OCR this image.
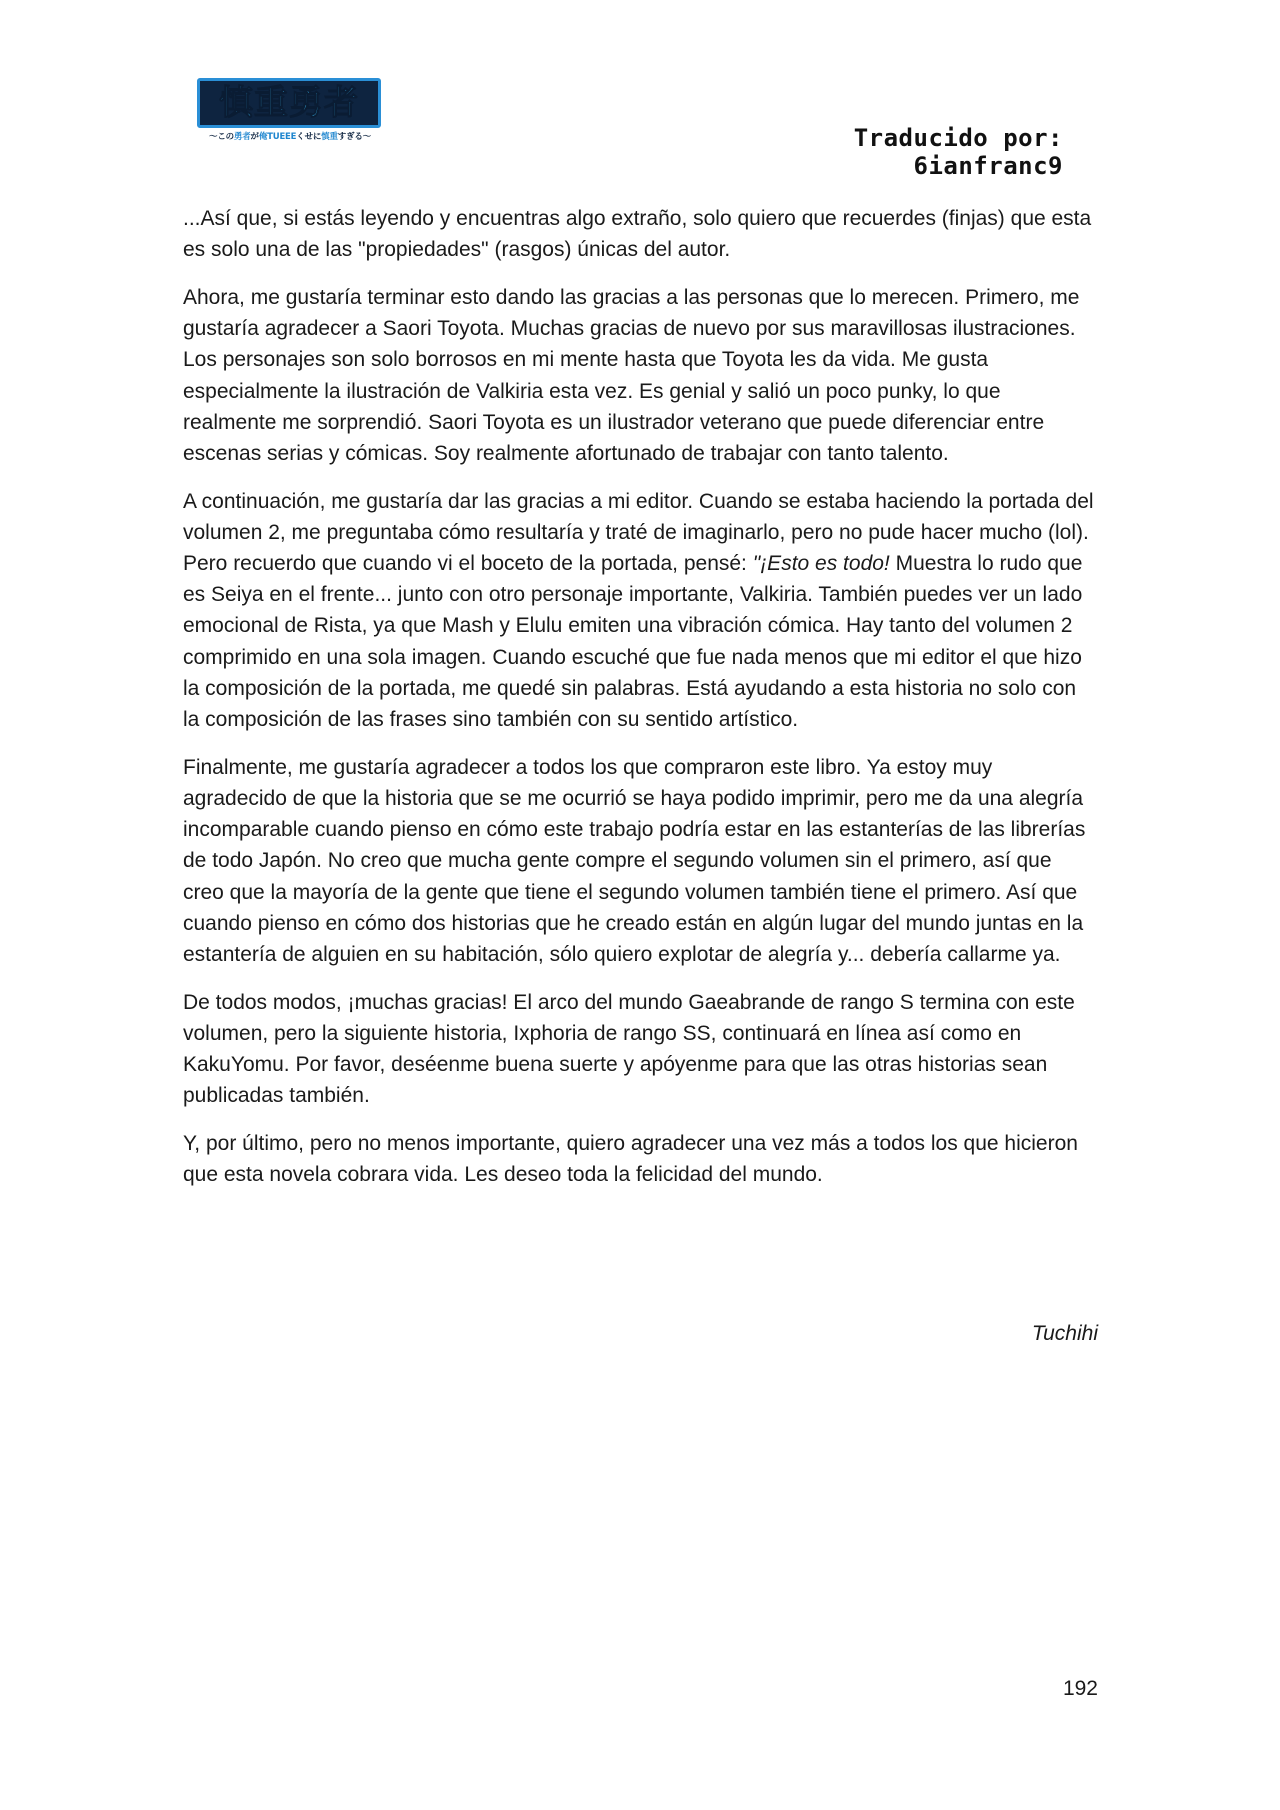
慎重勇者
〜この勇者が俺TUEEEくせに慎重すぎる〜	Traducido por: 6ianfranc9

...Así que, si estás leyendo y encuentras algo extraño, solo quiero que recuerdes (finjas) que esta es solo una de las "propiedades" (rasgos) únicas del autor.

Ahora, me gustaría terminar esto dando las gracias a las personas que lo merecen. Primero, me gustaría agradecer a Saori Toyota. Muchas gracias de nuevo por sus maravillosas ilustraciones. Los personajes son solo borrosos en mi mente hasta que Toyota les da vida. Me gusta especialmente la ilustración de Valkiria esta vez. Es genial y salió un poco punky, lo que realmente me sorprendió. Saori Toyota es un ilustrador veterano que puede diferenciar entre escenas serias y cómicas. Soy realmente afortunado de trabajar con tanto talento.

A continuación, me gustaría dar las gracias a mi editor. Cuando se estaba haciendo la portada del volumen 2, me preguntaba cómo resultaría y traté de imaginarlo, pero no pude hacer mucho (lol). Pero recuerdo que cuando vi el boceto de la portada, pensé: "¡Esto es todo! Muestra lo rudo que es Seiya en el frente... junto con otro personaje importante, Valkiria. También puedes ver un lado emocional de Rista, ya que Mash y Elulu emiten una vibración cómica. Hay tanto del volumen 2 comprimido en una sola imagen. Cuando escuché que fue nada menos que mi editor el que hizo la composición de la portada, me quedé sin palabras. Está ayudando a esta historia no solo con la composición de las frases sino también con su sentido artístico.

Finalmente, me gustaría agradecer a todos los que compraron este libro. Ya estoy muy agradecido de que la historia que se me ocurrió se haya podido imprimir, pero me da una alegría incomparable cuando pienso en cómo este trabajo podría estar en las estanterías de las librerías de todo Japón. No creo que mucha gente compre el segundo volumen sin el primero, así que creo que la mayoría de la gente que tiene el segundo volumen también tiene el primero. Así que cuando pienso en cómo dos historias que he creado están en algún lugar del mundo juntas en la estantería de alguien en su habitación, sólo quiero explotar de alegría y... debería callarme ya.

De todos modos, ¡muchas gracias! El arco del mundo Gaeabrande de rango S termina con este volumen, pero la siguiente historia, Ixphoria de rango SS, continuará en línea así como en KakuYomu. Por favor, deséenme buena suerte y apóyenme para que las otras historias sean publicadas también.

Y, por último, pero no menos importante, quiero agradecer una vez más a todos los que hicieron que esta novela cobrara vida. Les deseo toda la felicidad del mundo.

Tuchihi
192
